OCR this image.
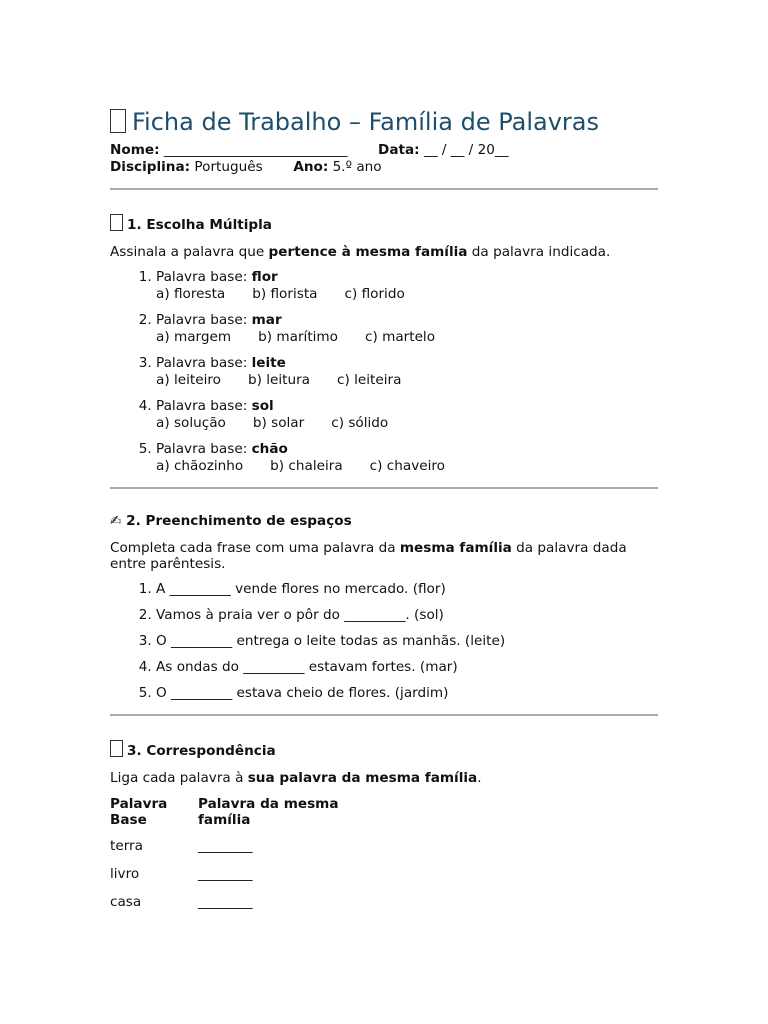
Ficha de Trabalho – Família de Palavras
Nome: ___________________________ Data: __ / __ / 20__
Disciplina: Português Ano: 5.º ano
1. Escolha Múltipla

Assinala a palavra que pertence à mesma família da palavra indicada.

1. Palavra base: flor
a) floresta b) florista c) florido
2. Palavra base: mar
a) margem b) marítimo c) martelo
3. Palavra base: leite
a) leiteiro b) leitura c) leiteira
4. Palavra base: sol
a) solução b) solar c) sólido
5. Palavra base: chão
a) chãozinho b) chaleira c) chaveiro
✍ 2. Preenchimento de espaços

Completa cada frase com uma palavra da mesma família da palavra dada entre parêntesis.

1. A _________ vende flores no mercado. (flor)
2. Vamos à praia ver o pôr do _________. (sol)
3. O _________ entrega o leite todas as manhãs. (leite)
4. As ondas do _________ estavam fortes. (mar)
5. O _________ estava cheio de flores. (jardim)
3. Correspondência

Liga cada palavra à sua palavra da mesma família.

Palavra Base	Palavra da mesma família
terra	________
livro	________
casa	________
